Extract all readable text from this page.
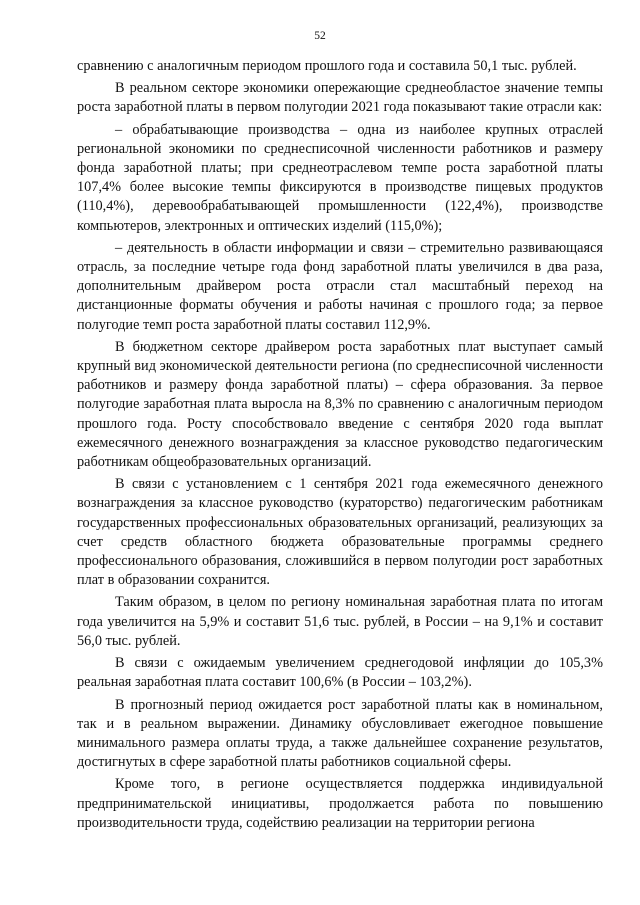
52

сравнению с аналогичным периодом прошлого года и составила 50,1 тыс. рублей.

В реальном секторе экономики опережающие среднеобластое значение темпы роста заработной платы в первом полугодии 2021 года показывают такие отрасли как:

– обрабатывающие производства – одна из наиболее крупных отраслей региональной экономики по среднесписочной численности работников и размеру фонда заработной платы; при среднеотраслевом темпе роста заработной платы 107,4% более высокие темпы фиксируются в производстве пищевых продуктов (110,4%), деревообрабатывающей промышленности (122,4%), производстве компьютеров, электронных и оптических изделий (115,0%);

– деятельность в области информации и связи – стремительно развивающаяся отрасль, за последние четыре года фонд заработной платы увеличился в два раза, дополнительным драйвером роста отрасли стал масштабный переход на дистанционные форматы обучения и работы начиная с прошлого года; за первое полугодие темп роста заработной платы составил 112,9%.

В бюджетном секторе драйвером роста заработных плат выступает самый крупный вид экономической деятельности региона (по среднесписочной численности работников и размеру фонда заработной платы) – сфера образования. За первое полугодие заработная плата выросла на 8,3% по сравнению с аналогичным периодом прошлого года. Росту способствовало введение с сентября 2020 года выплат ежемесячного денежного вознаграждения за классное руководство педагогическим работникам общеобразовательных организаций.

В связи с установлением с 1 сентября 2021 года ежемесячного денежного вознаграждения за классное руководство (кураторство) педагогическим работникам государственных профессиональных образовательных организаций, реализующих за счет средств областного бюджета образовательные программы среднего профессионального образования, сложившийся в первом полугодии рост заработных плат в образовании сохранится.

Таким образом, в целом по региону номинальная заработная плата по итогам года увеличится на 5,9% и составит 51,6 тыс. рублей, в России – на 9,1% и составит 56,0 тыс. рублей.

В связи с ожидаемым увеличением среднегодовой инфляции до 105,3% реальная заработная плата составит 100,6% (в России – 103,2%).

В прогнозный период ожидается рост заработной платы как в номинальном, так и в реальном выражении. Динамику обусловливает ежегодное повышение минимального размера оплаты труда, а также дальнейшее сохранение результатов, достигнутых в сфере заработной платы работников социальной сферы.

Кроме того, в регионе осуществляется поддержка индивидуальной предпринимательской инициативы, продолжается работа по повышению производительности труда, содействию реализации на территории региона
